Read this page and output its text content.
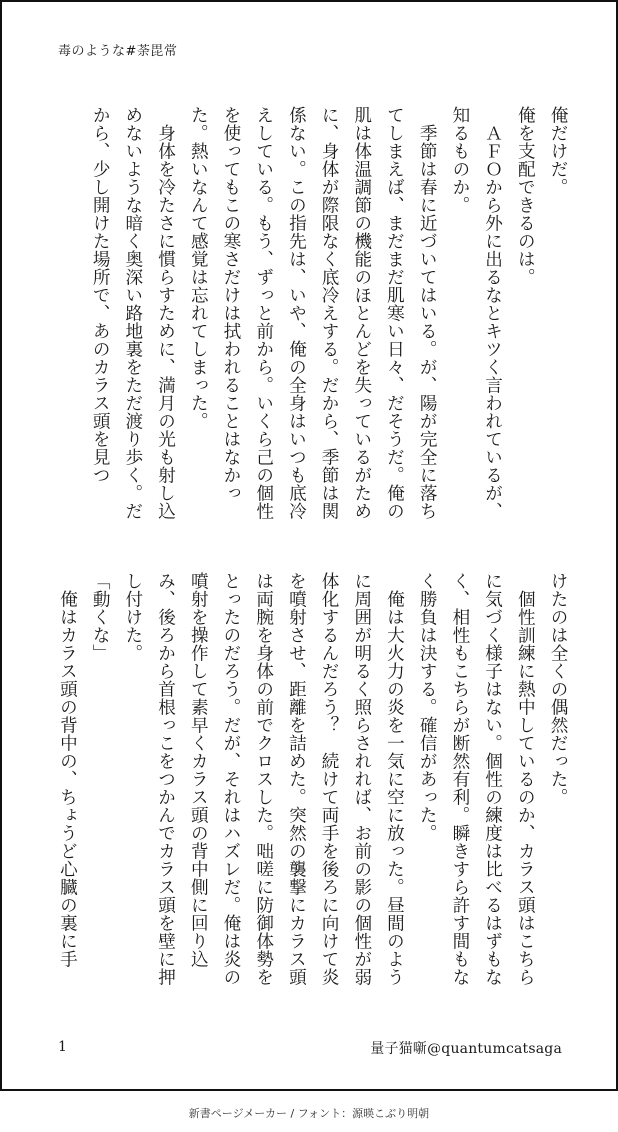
毒のような#荼毘常

俺だけだ。

俺を支配できるのは。

　ＡＦＯから外に出るなとキツく言われているが、知るものか。

　季節は春に近づいてはいる。が、陽が完全に落ちてしまえば、まだまだ肌寒い日々、だそうだ。俺の肌は体温調節の機能のほとんどを失っているがために、身体が際限なく底冷えする。だから、季節は関係ない。この指先は、いや、俺の全身はいつも底冷えしている。もう、ずっと前から。いくら己の個性を使ってもこの寒さだけは拭われることはなかった。熱いなんて感覚は忘れてしまった。

　身体を冷たさに慣らすために、満月の光も射し込めないような暗く奥深い路地裏をただ渡り歩く。だから、少し開けた場所で、あのカラス頭を見つ

けたのは全くの偶然だった。

　個性訓練に熱中しているのか、カラス頭はこちらに気づく様子はない。個性の練度は比べるはずもなく、相性もこちらが断然有利。瞬きすら許す間もなく勝負は決する。確信があった。

　俺は大火力の炎を一気に空に放った。昼間のように周囲が明るく照らされれば、お前の影の個性が弱体化するんだろう？　続けて両手を後ろに向けて炎を噴射させ、距離を詰めた。突然の襲撃にカラス頭は両腕を身体の前でクロスした。咄嗟に防御体勢をとったのだろう。だが、それはハズレだ。俺は炎の噴射を操作して素早くカラス頭の背中側に回り込み、後ろから首根っこをつかんでカラス頭を壁に押し付けた。

「動くな」

　俺はカラス頭の背中の、ちょうど心臓の裏に手

1	量子猫噺@quantumcatsaga
新書ページメーカー / フォント：源暎こぶり明朝
